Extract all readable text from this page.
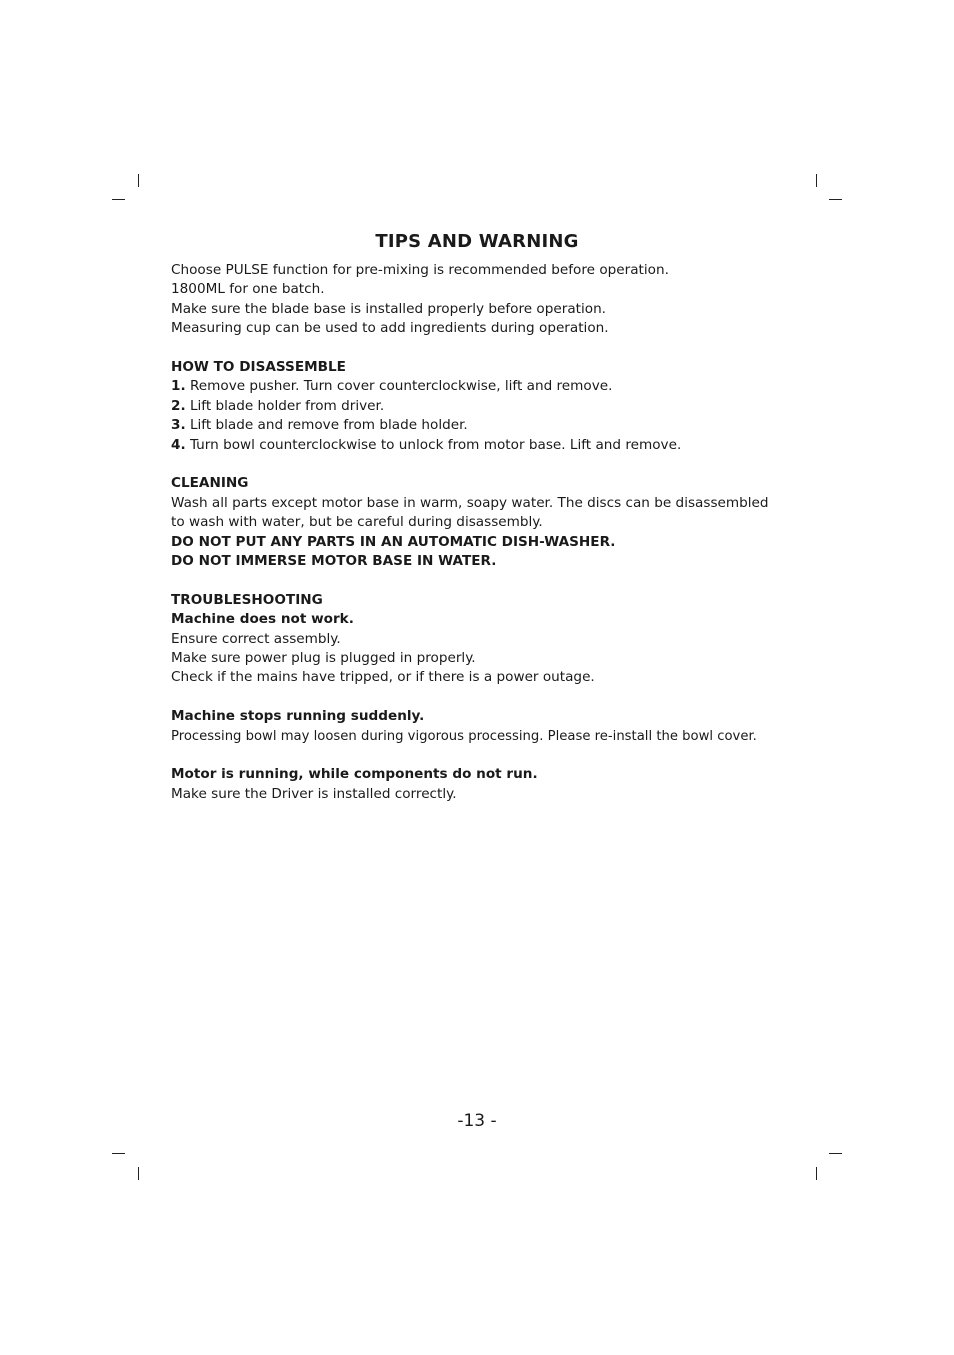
TIPS AND WARNING
Choose PULSE function for pre-mixing is recommended before operation.
1800ML for one batch.
Make sure the blade base is installed properly before operation.
Measuring cup can be used to add ingredients during operation.
HOW TO DISASSEMBLE
1. Remove pusher. Turn cover counterclockwise, lift and remove.
2. Lift blade holder from driver.
3. Lift blade and remove from blade holder.
4. Turn bowl counterclockwise to unlock from motor base. Lift and remove.
CLEANING
Wash all parts except motor base in warm, soapy water. The discs can be disassembled
to wash with water, but be careful during disassembly.
DO NOT PUT ANY PARTS IN AN AUTOMATIC DISH-WASHER.
DO NOT IMMERSE MOTOR BASE IN WATER.
TROUBLESHOOTING
Machine does not work.
Ensure correct assembly.
Make sure power plug is plugged in properly.
Check if the mains have tripped, or if there is a power outage.
Machine stops running suddenly.
Processing bowl may loosen during vigorous processing. Please re-install the bowl cover.
Motor is running, while components do not run.
Make sure the Driver is installed correctly.
-13 -
